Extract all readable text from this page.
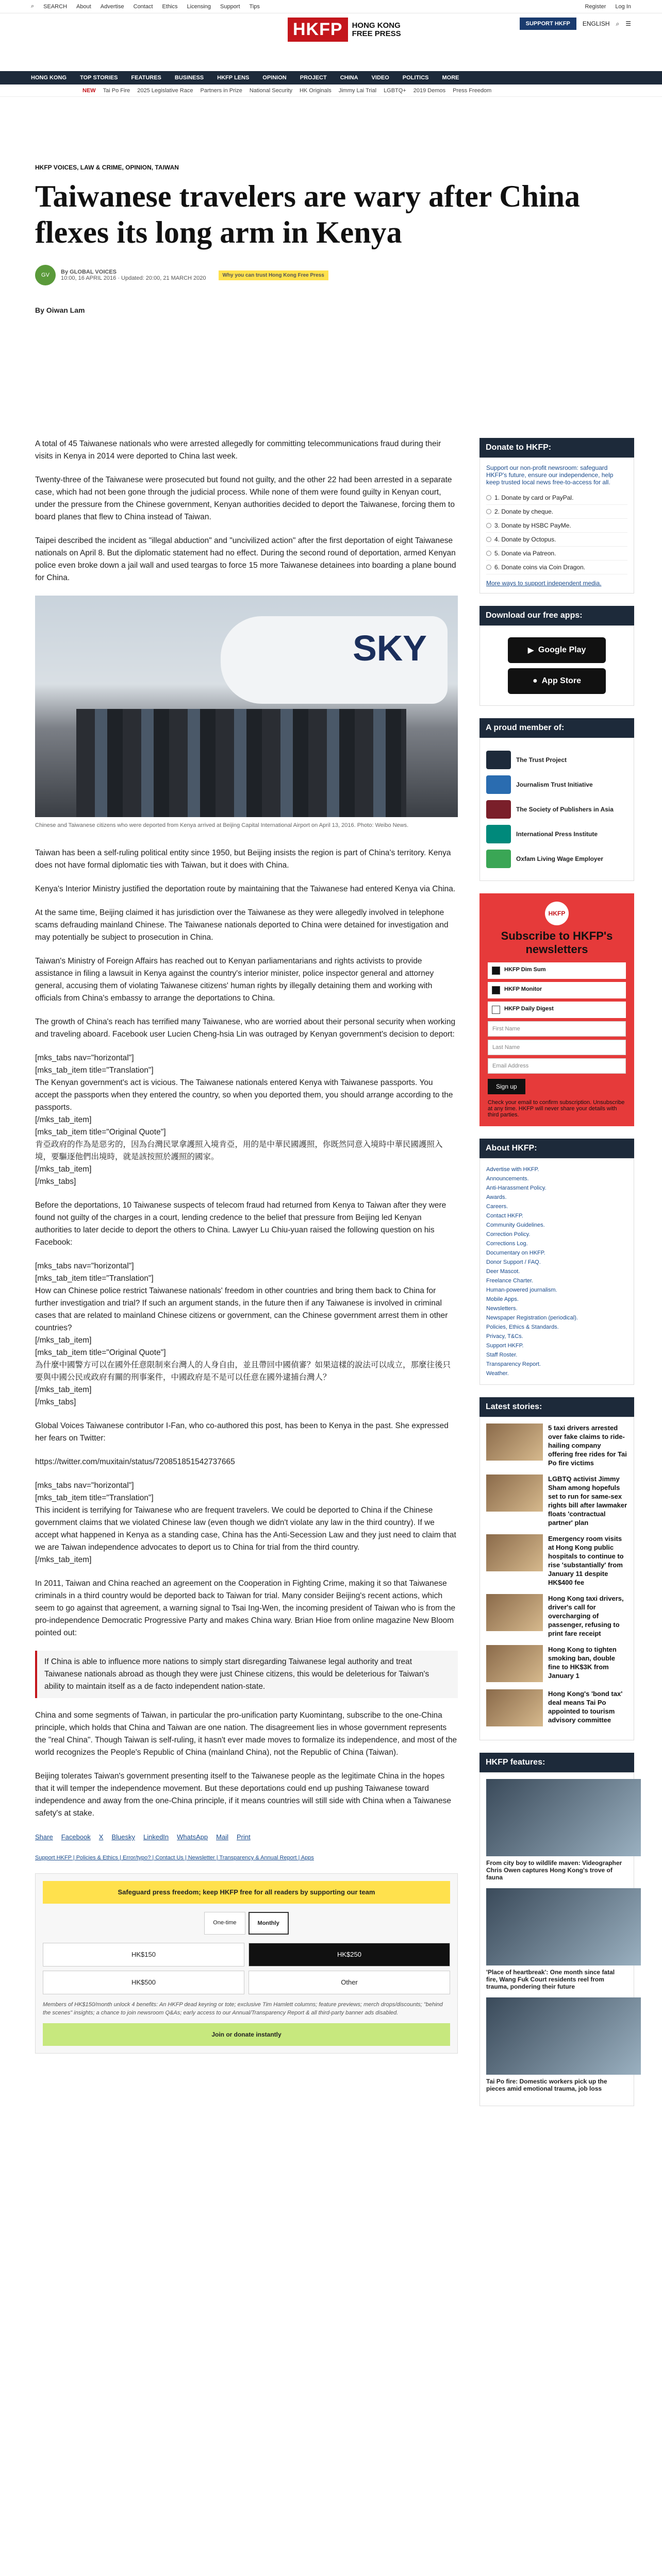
⌕ SEARCH About Advertise Contact Ethics Licensing Support Tips	Register Log In
HKFP	HONG KONG
FREE PRESS
SUPPORT HKFP	ENGLISH ⌕ ☰
HONG KONG TOP STORIES FEATURES BUSINESS HKFP LENS OPINION PROJECT CHINA VIDEO POLITICS MORE
NEW Tai Po Fire 2025 Legislative Race Partners in Prize National Security HK Originals Jimmy Lai Trial LGBTQ+ 2019 Demos Press Freedom
HKFP VOICES, LAW & CRIME, OPINION, TAIWAN
Taiwanese travelers are wary after China flexes its long arm in Kenya
GV	By GLOBAL VOICES
10:00, 16 APRIL 2016 · Updated: 20:00, 21 MARCH 2020	Why you can trust Hong Kong Free Press
By Oiwan Lam

A total of 45 Taiwanese nationals who were arrested allegedly for committing telecommunications fraud during their visits in Kenya in 2014 were deported to China last week.

Twenty-three of the Taiwanese were prosecuted but found not guilty, and the other 22 had been arrested in a separate case, which had not been gone through the judicial process. While none of them were found guilty in Kenyan court, under the pressure from the Chinese government, Kenyan authorities decided to deport the Taiwanese, forcing them to board planes that flew to China instead of Taiwan.

Taipei described the incident as "illegal abduction" and "uncivilized action" after the first deportation of eight Taiwanese nationals on April 8. But the diplomatic statement had no effect. During the second round of deportation, armed Kenyan police even broke down a jail wall and used teargas to force 15 more Taiwanese detainees into boarding a plane bound for China.

SKY
Chinese and Taiwanese citizens who were deported from Kenya arrived at Beijing Capital International Airport on April 13, 2016. Photo: Weibo News.

Taiwan has been a self-ruling political entity since 1950, but Beijing insists the region is part of China's territory. Kenya does not have formal diplomatic ties with Taiwan, but it does with China.

Kenya's Interior Ministry justified the deportation route by maintaining that the Taiwanese had entered Kenya via China.

At the same time, Beijing claimed it has jurisdiction over the Taiwanese as they were allegedly involved in telephone scams defrauding mainland Chinese. The Taiwanese nationals deported to China were detained for investigation and may potentially be subject to prosecution in China.

Taiwan's Ministry of Foreign Affairs has reached out to Kenyan parliamentarians and rights activists to provide assistance in filing a lawsuit in Kenya against the country's interior minister, police inspector general and attorney general, accusing them of violating Taiwanese citizens' human rights by illegally detaining them and working with officials from China's embassy to arrange the deportations to China.

The growth of China's reach has terrified many Taiwanese, who are worried about their personal security when working and traveling aboard. Facebook user Lucien Cheng-hsia Lin was outraged by Kenyan government's decision to deport:

[mks_tabs nav="horizontal"]
[mks_tab_item title="Translation"]
The Kenyan government's act is vicious. The Taiwanese nationals entered Kenya with Taiwanese passports. You accept the passports when they entered the country, so when you deported them, you should arrange according to the passports.
[/mks_tab_item]
[mks_tab_item title="Original Quote"]
肯亞政府的作為是惡劣的，因為台灣民眾拿護照入境肯亞，用的是中華民國護照，你既然同意入境時中華民國護照入境，要驅逐他們出境時，就是該按照於護照的國家。
[/mks_tab_item]
[/mks_tabs]

Before the deportations, 10 Taiwanese suspects of telecom fraud had returned from Kenya to Taiwan after they were found not guilty of the charges in a court, lending credence to the belief that pressure from Beijing led Kenyan authorities to later decide to deport the others to China. Lawyer Lu Chiu-yuan raised the following question on his Facebook:

[mks_tabs nav="horizontal"]
[mks_tab_item title="Translation"]
How can Chinese police restrict Taiwanese nationals' freedom in other countries and bring them back to China for further investigation and trial? If such an argument stands, in the future then if any Taiwanese is involved in criminal cases that are related to mainland Chinese citizens or government, can the Chinese government arrest them in other countries?
[/mks_tab_item]
[mks_tab_item title="Original Quote"]
為什麼中國警方可以在國外任意限制來台灣人的人身自由，並且帶回中國偵審？如果這樣的說法可以成立，那麼往後只要與中國公民或政府有關的刑事案件，中國政府是不是可以任意在國外逮捕台灣人？
[/mks_tab_item]
[/mks_tabs]

Global Voices Taiwanese contributor I-Fan, who co-authored this post, has been to Kenya in the past. She expressed her fears on Twitter:

https://twitter.com/muxitain/status/720851851542737665

[mks_tabs nav="horizontal"]
[mks_tab_item title="Translation"]
This incident is terrifying for Taiwanese who are frequent travelers. We could be deported to China if the Chinese government claims that we violated Chinese law (even though we didn't violate any law in the third country). If we accept what happened in Kenya as a standing case, China has the Anti-Secession Law and they just need to claim that we are Taiwan independence advocates to deport us to China for trial from the third country.
[/mks_tab_item]

In 2011, Taiwan and China reached an agreement on the Cooperation in Fighting Crime, making it so that Taiwanese criminals in a third country would be deported back to Taiwan for trial. Many consider Beijing's recent actions, which seem to go against that agreement, a warning signal to Tsai Ing-Wen, the incoming president of Taiwan who is from the pro-independence Democratic Progressive Party and makes China wary. Brian Hioe from online magazine New Bloom pointed out:

If China is able to influence more nations to simply start disregarding Taiwanese legal authority and treat Taiwanese nationals abroad as though they were just Chinese citizens, this would be deleterious for Taiwan's ability to maintain itself as a de facto independent nation-state.

China and some segments of Taiwan, in particular the pro-unification party Kuomintang, subscribe to the one-China principle, which holds that China and Taiwan are one nation. The disagreement lies in whose government represents the "real China". Though Taiwan is self-ruling, it hasn't ever made moves to formalize its independence, and most of the world recognizes the People's Republic of China (mainland China), not the Republic of China (Taiwan).

Beijing tolerates Taiwan's government presenting itself to the Taiwanese people as the legitimate China in the hopes that it will temper the independence movement. But these deportations could end up pushing Taiwanese toward independence and away from the one-China principle, if it means countries will still side with China when a Taiwanese safety's at stake.

Share Facebook X Bluesky LinkedIn WhatsApp Mail Print
Support HKFP | Policies & Ethics | Error/typo? | Contact Us | Newsletter | Transparency & Annual Report | Apps
Safeguard press freedom; keep HKFP free for all readers by supporting our team
One-time	Monthly
HK$150	HK$250
HK$500	Other
Members of HK$150/month unlock 4 benefits: An HKFP dead keyring or tote; exclusive Tim Hamlett columns; feature previews; merch drops/discounts; "behind the scenes" insights; a chance to join newsroom Q&As; early access to our Annual/Transparency Report & all third-party banner ads disabled.
Join or donate instantly
Donate to HKFP:

Support our non-profit newsroom: safeguard HKFP's future, ensure our independence, help keep trusted local news free-to-access for all.

1. Donate by card or PayPal.
2. Donate by cheque.
3. Donate by HSBC PayMe.
4. Donate by Octopus.
5. Donate via Patreon.
6. Donate coins via Coin Dragon.

More ways to support independent media.

Download our free apps:
▶ Google Play
● App Store
A proud member of:
The Trust Project
Journalism Trust Initiative
The Society of Publishers in Asia
International Press Institute
Oxfam Living Wage Employer
HKFP
Subscribe to HKFP's newsletters
HKFP Dim Sum
HKFP Monitor
HKFP Daily Digest
First Name
Last Name
Email Address
Sign up

Check your email to confirm subscription. Unsubscribe at any time. HKFP will never share your details with third parties.

About HKFP:
Advertise with HKFP.
Announcements.
Anti-Harassment Policy.
Awards.
Careers.
Contact HKFP.
Community Guidelines.
Correction Policy.
Corrections Log.
Documentary on HKFP.
Donor Support / FAQ.
Deer Mascot.
Freelance Charter.
Human-powered journalism.
Mobile Apps.
Newsletters.
Newspaper Registration (periodical).
Policies, Ethics & Standards.
Privacy, T&Cs.
Support HKFP.
Staff Roster.
Transparency Report.
Weather.
Latest stories:
5 taxi drivers arrested over fake claims to ride-hailing company offering free rides for Tai Po fire victims
LGBTQ activist Jimmy Sham among hopefuls set to run for same-sex rights bill after lawmaker floats 'contractual partner' plan
Emergency room visits at Hong Kong public hospitals to continue to rise 'substantially' from January 11 despite HK$400 fee
Hong Kong taxi drivers, driver's call for overcharging of passenger, refusing to print fare receipt
Hong Kong to tighten smoking ban, double fine to HK$3K from January 1
Hong Kong's 'bond tax' deal means Tai Po appointed to tourism advisory committee
HKFP features:
From city boy to wildlife maven: Videographer Chris Owen captures Hong Kong's trove of fauna
'Place of heartbreak': One month since fatal fire, Wang Fuk Court residents reel from trauma, pondering their future
Tai Po fire: Domestic workers pick up the pieces amid emotional trauma, job loss
